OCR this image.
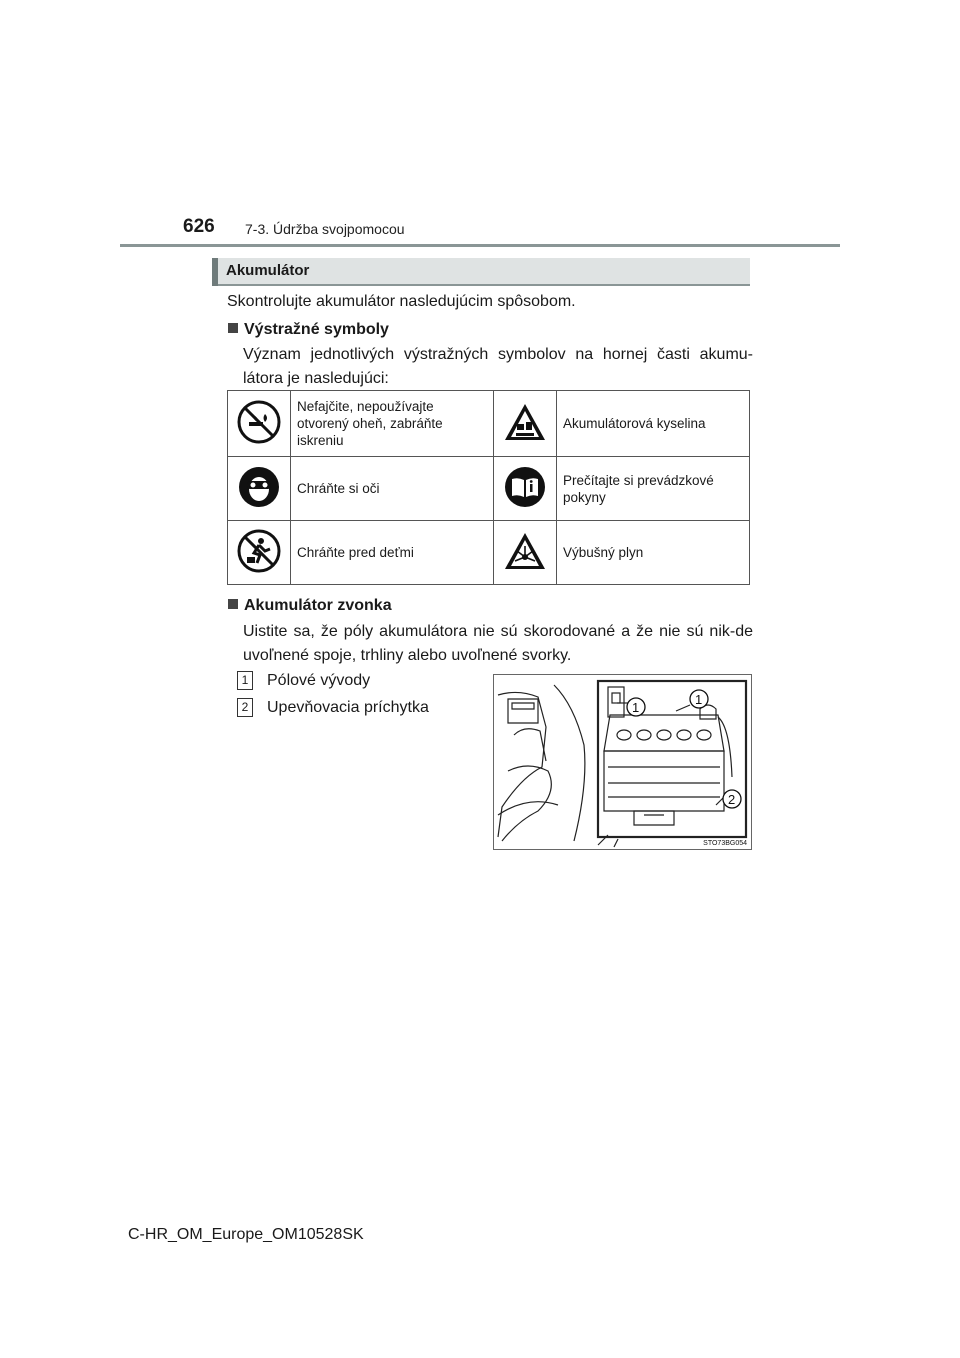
626 7-3. Údržba svojpomocou
Akumulátor
Skontrolujte akumulátor nasledujúcim spôsobom.
Výstražné symboly
Význam jednotlivých výstražných symbolov na hornej časti akumu-látora je nasledujúci:
	Nefajčite, nepoužívajte otvorený oheň, zabráňte iskreniu		Akumulátorová kyselina
	Chráňte si oči		Prečítajte si prevádzkové pokyny
	Chráňte pred deťmi		Výbušný plyn
Akumulátor zvonka
Uistite sa, že póly akumulátora nie sú skorodované a že nie sú nik-de uvoľnené spoje, trhliny alebo uvoľnené svorky.
1 Pólové vývody
2 Upevňovacia príchytka	1
1
2
STO73BG054
C-HR_OM_Europe_OM10528SK
